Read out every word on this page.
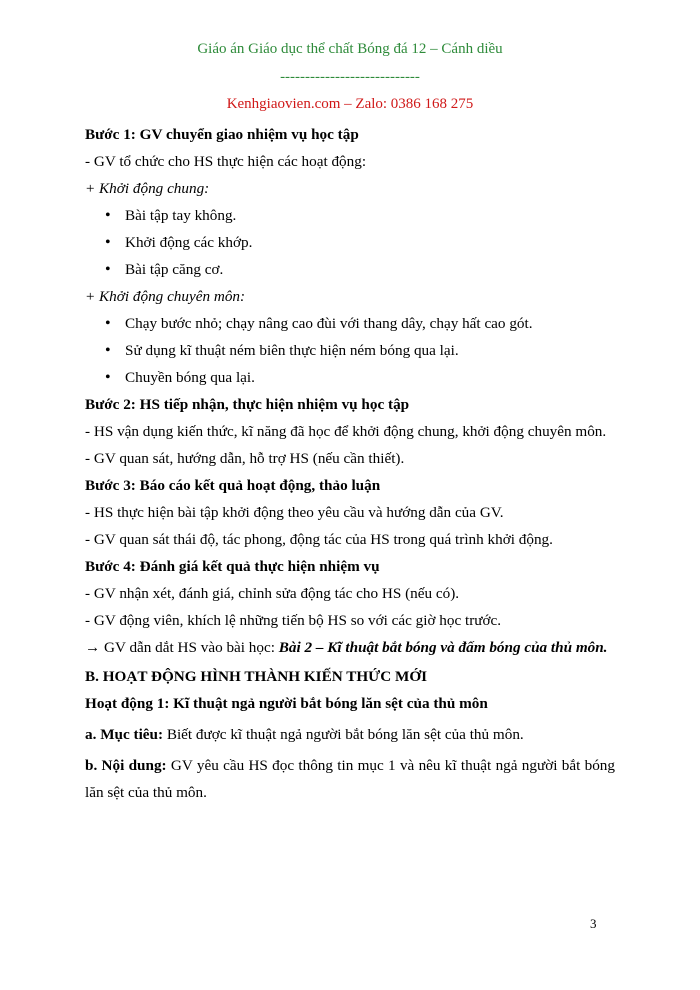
Giáo án Giáo dục thể chất Bóng đá 12 – Cánh diều
----------------------------
Kenhgiaovien.com – Zalo: 0386 168 275

Bước 1: GV chuyển giao nhiệm vụ học tập

- GV tổ chức cho HS thực hiện các hoạt động:

+ Khởi động chung:

• Bài tập tay không.
• Khởi động các khớp.
• Bài tập căng cơ.

+ Khởi động chuyên môn:

• Chạy bước nhỏ; chạy nâng cao đùi với thang dây, chạy hất cao gót.
• Sử dụng kĩ thuật ném biên thực hiện ném bóng qua lại.
• Chuyền bóng qua lại.

Bước 2: HS tiếp nhận, thực hiện nhiệm vụ học tập

- HS vận dụng kiến thức, kĩ năng đã học để khởi động chung, khởi động chuyên môn.

- GV quan sát, hướng dẫn, hỗ trợ HS (nếu cần thiết).

Bước 3: Báo cáo kết quả hoạt động, thảo luận

- HS thực hiện bài tập khởi động theo yêu cầu và hướng dẫn của GV.

- GV quan sát thái độ, tác phong, động tác của HS trong quá trình khởi động.

Bước 4: Đánh giá kết quả thực hiện nhiệm vụ

- GV nhận xét, đánh giá, chỉnh sửa động tác cho HS (nếu có).

- GV động viên, khích lệ những tiến bộ HS so với các giờ học trước.

→ GV dẫn dắt HS vào bài học: Bài 2 – Kĩ thuật bắt bóng và đấm bóng của thủ môn.

B. HOẠT ĐỘNG HÌNH THÀNH KIẾN THỨC MỚI

Hoạt động 1: Kĩ thuật ngả người bắt bóng lăn sệt của thủ môn

a. Mục tiêu: Biết được kĩ thuật ngả người bắt bóng lăn sệt của thủ môn.

b. Nội dung: GV yêu cầu HS đọc thông tin mục 1 và nêu kĩ thuật ngả người bắt bóng lăn sệt của thủ môn.

3
